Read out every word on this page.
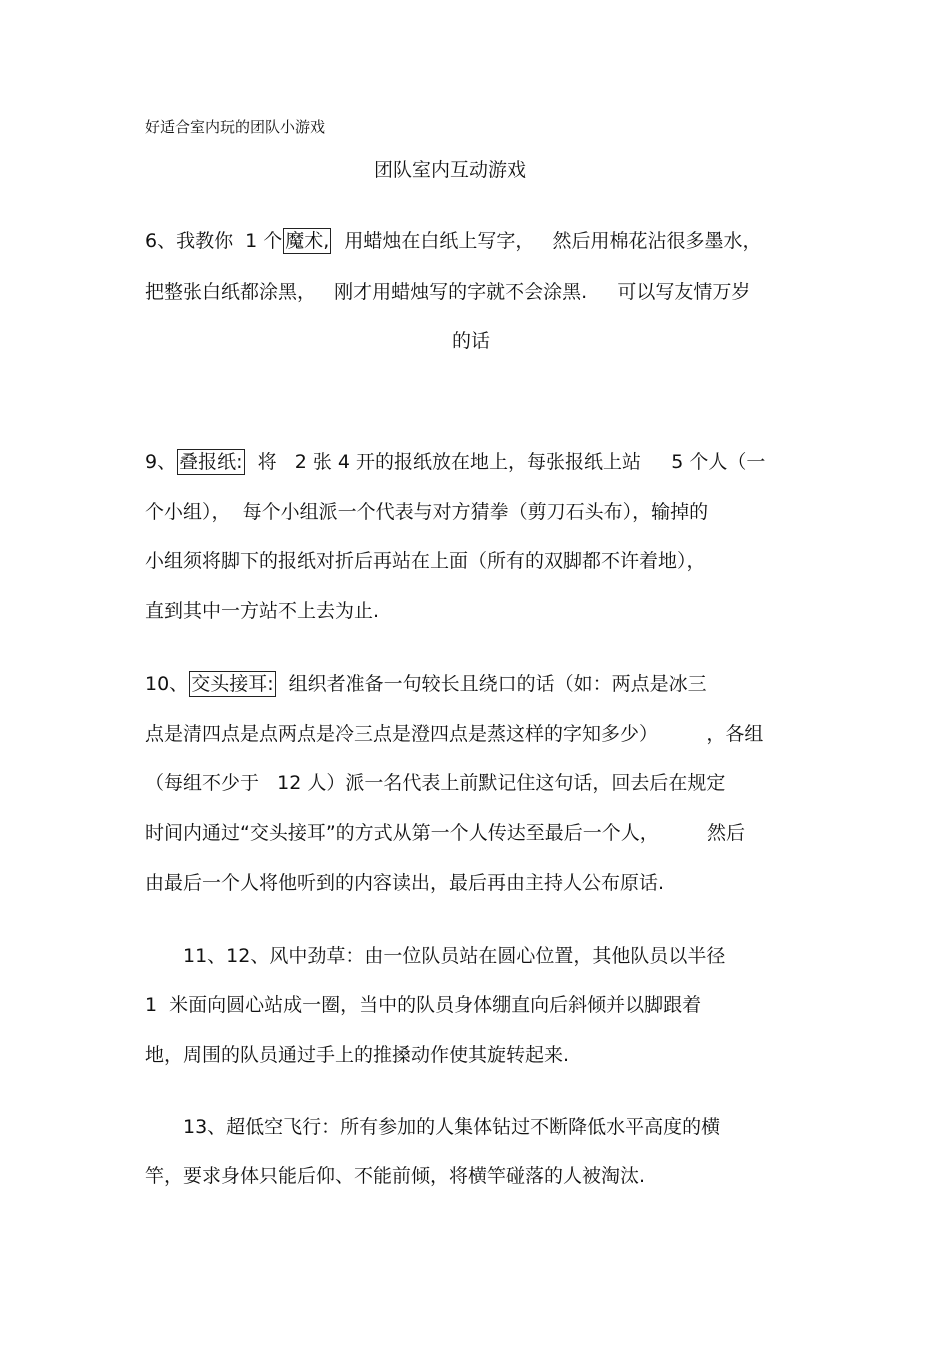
好适合室内玩的团队小游戏
团队室内互动游戏
6、我教你  1 个 魔术,  用蜡烛在白纸上写字，   然后用棉花沾很多墨水，
把整张白纸都涂黑，   刚才用蜡烛写的字就不会涂黑.     可以写友情万岁
的话
9、 叠报纸:  将   2 张 4 开的报纸放在地上，每张报纸上站     5 个人（一
个小组），  每个小组派一个代表与对方猜拳（剪刀石头布），输掉的
小组须将脚下的报纸对折后再站在上面（所有的双脚都不许着地），
直到其中一方站不上去为止.
10、 交头接耳:  组织者准备一句较长且绕口的话（如：两点是冰三
点是清四点是点两点是冷三点是澄四点是蒸这样的字知多少）        ，各组
（每组不少于   12 人）派一名代表上前默记住这句话，回去后在规定
时间内通过“交头接耳”的方式从第一个人传达至最后一个人，        然后
由最后一个人将他听到的内容读出，最后再由主持人公布原话.
11、12、风中劲草：由一位队员站在圆心位置，其他队员以半径
1  米面向圆心站成一圈，当中的队员身体绷直向后斜倾并以脚跟着
地，周围的队员通过手上的推搡动作使其旋转起来.
13、超低空飞行：所有参加的人集体钻过不断降低水平高度的横
竿，要求身体只能后仰、不能前倾，将横竿碰落的人被淘汰.
